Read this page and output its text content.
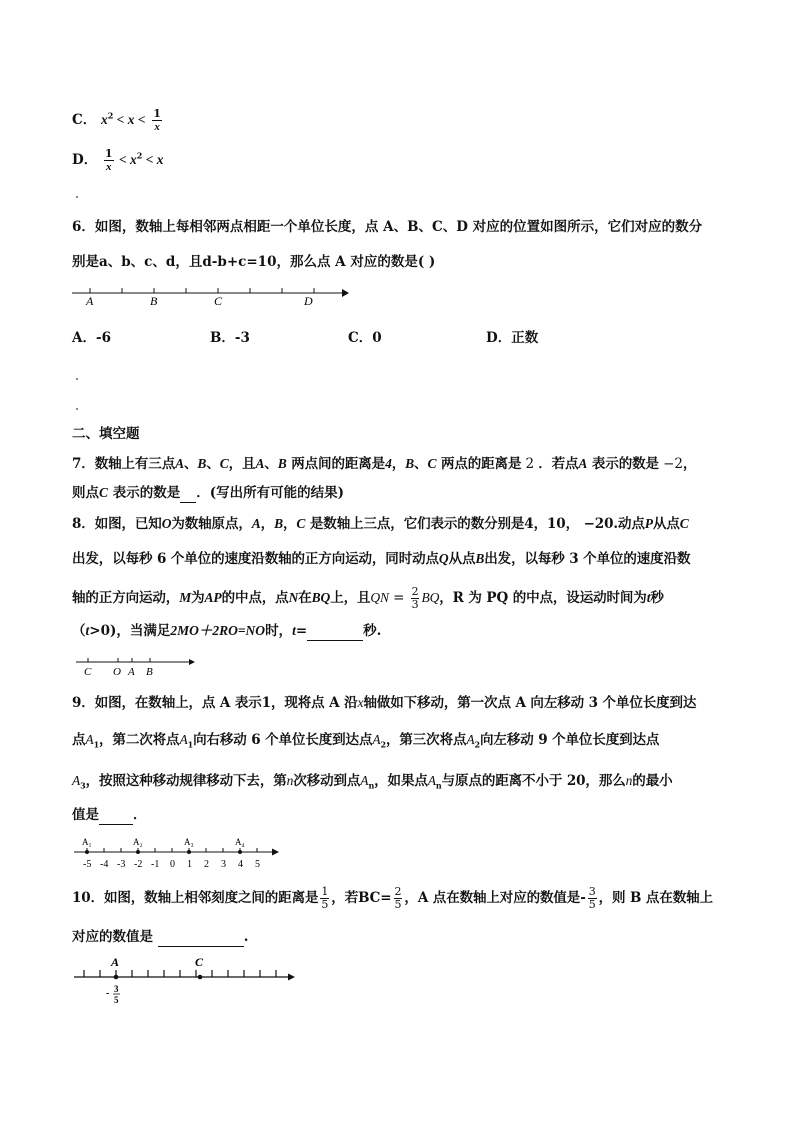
C． $x^2 < x < \frac{1}{x}$
D． $\frac{1}{x} < x^2 < x$
6．如图，数轴上每相邻两点相距一个单位长度，点 A、B、C、D 对应的位置如图所示，它们对应的数分
别是a、b、c、d，且d-b+c=10，那么点 A 对应的数是( )
A	B	C	D
A．-6	B．-3	C．0	D．正数
二、填空题
7．数轴上有三点A、B、C，且A、B 两点间的距离是4，B、C 两点的距离是 2 ．若点A 表示的数是 −2，
则点C 表示的数是 ．(写出所有可能的结果)
8．如图，已知O为数轴原点，A，B，C 是数轴上三点，它们表示的数分别是4，10， −20.动点P从点C
出发，以每秒 6 个单位的速度沿数轴的正方向运动，同时动点Q从点B出发，以每秒 3 个单位的速度沿数
轴的正方向运动，M为AP的中点，点N在BQ上，且QN = $\frac{2}{3}$ BQ，R 为 PQ 的中点，设运动时间为t秒
（t>0)，当满足2MO＋2RO=NO时，t=	秒.
C O A B
9．如图，在数轴上，点 A 表示1，现将点 A 沿x轴做如下移动，第一次点 A 向左移动 3 个单位长度到达
点$A_1$，第二次将点$A_1$向右移动 6 个单位长度到达点$A_2$，第三次将点$A_2$向左移动 9 个单位长度到达点
$A_3$，按照这种移动规律移动下去，第n次移动到点$A_n$，如果点$A_n$与原点的距离不小于 20，那么n的最小
值是	．
A₁	A₂	A₃	A₄
-5 -4 -3 -2 -1 0 1 2 3 4 5
10．如图，数轴上相邻刻度之间的距离是 $\frac{1}{5}$ ，若$BC= \frac{2}{5}$ ，A 点在数轴上对应的数值是- $\frac{3}{5}$ ，则 B 点在数轴上
对应的数值是	.
A	C
- 3
5
